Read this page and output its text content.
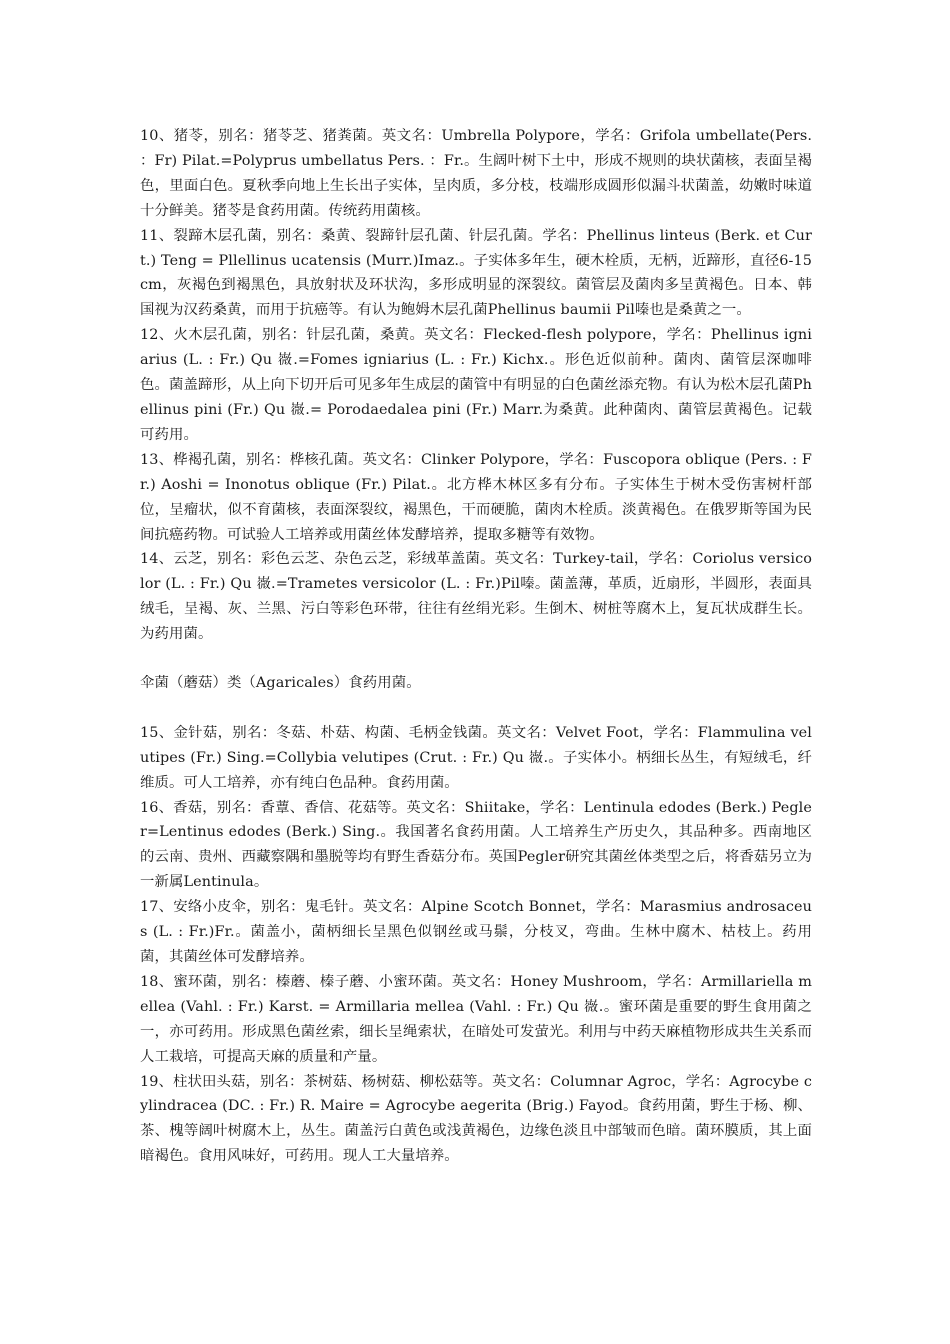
10、猪苓，别名：猪苓芝、猪粪菌。英文名：Umbrella Polypore，学名：Grifola umbellate(Pers. ：Fr) Pilat.=Polyprus umbellatus Pers. ：Fr.。生阔叶树下土中，形成不规则的块状菌核，表面呈褐色，里面白色。夏秋季向地上生长出子实体，呈肉质，多分枝，枝端形成圆形似漏斗状菌盖，幼嫩时味道十分鲜美。猪苓是食药用菌。传统药用菌核。

11、裂蹄木层孔菌，别名：桑黄、裂蹄针层孔菌、针层孔菌。学名：Phellinus linteus (Berk. et Curt.) Teng = Pllellinus ucatensis (Murr.)Imaz.。子实体多年生，硬木栓质，无柄，近蹄形，直径6-15cm，灰褐色到褐黑色，具放射状及环状沟，多形成明显的深裂纹。菌管层及菌肉多呈黄褐色。日本、韩国视为汉药桑黄，而用于抗癌等。有认为鲍姆木层孔菌Phellinus baumii Pil嗪也是桑黄之一。

12、火木层孔菌，别名：针层孔菌，桑黄。英文名：Flecked-flesh polypore，学名：Phellinus igniarius (L. : Fr.) Qu 嶶.=Fomes igniarius (L. : Fr.) Kichx.。形色近似前种。菌肉、菌管层深咖啡色。菌盖蹄形，从上向下切开后可见多年生成层的菌管中有明显的白色菌丝添充物。有认为松木层孔菌Phellinus pini (Fr.) Qu 嶶.= Porodaedalea pini (Fr.) Marr.为桑黄。此种菌肉、菌管层黄褐色。记载可药用。

13、桦褐孔菌，别名：桦核孔菌。英文名：Clinker Polypore，学名：Fuscopora oblique (Pers. : Fr.) Aoshi = Inonotus oblique (Fr.) Pilat.。北方桦木林区多有分布。子实体生于树木受伤害树杆部位，呈瘤状，似不育菌核，表面深裂纹，褐黑色，干而硬脆，菌肉木栓质。淡黄褐色。在俄罗斯等国为民间抗癌药物。可试验人工培养或用菌丝体发酵培养，提取多糖等有效物。

14、云芝，别名：彩色云芝、杂色云芝，彩绒革盖菌。英文名：Turkey-tail，学名：Coriolus versicolor (L. : Fr.) Qu 嶶.=Trametes versicolor (L. : Fr.)Pil嗪。菌盖薄，革质，近扇形，半圆形，表面具绒毛，呈褐、灰、兰黑、污白等彩色环带，往往有丝绢光彩。生倒木、树桩等腐木上，复瓦状成群生长。为药用菌。

伞菌（蘑菇）类（Agaricales）食药用菌。

15、金针菇，别名：冬菇、朴菇、构菌、毛柄金钱菌。英文名：Velvet Foot，学名：Flammulina velutipes (Fr.) Sing.=Collybia velutipes (Crut. : Fr.) Qu 嶶.。子实体小。柄细长丛生，有短绒毛，纤维质。可人工培养，亦有纯白色品种。食药用菌。

16、香菇，别名：香蕈、香信、花菇等。英文名：Shiitake，学名：Lentinula edodes (Berk.) Pegler=Lentinus edodes (Berk.) Sing.。我国著名食药用菌。人工培养生产历史久，其品种多。西南地区的云南、贵州、西藏察隅和墨脱等均有野生香菇分布。英国Pegler研究其菌丝体类型之后，将香菇另立为一新属Lentinula。

17、安络小皮伞，别名：鬼毛针。英文名：Alpine Scotch Bonnet，学名：Marasmius androsaceus (L. : Fr.)Fr.。菌盖小，菌柄细长呈黑色似钢丝或马鬃，分枝叉，弯曲。生林中腐木、枯枝上。药用菌，其菌丝体可发酵培养。

18、蜜环菌，别名：榛蘑、榛子蘑、小蜜环菌。英文名：Honey Mushroom，学名：Armillariella mellea (Vahl. : Fr.) Karst. = Armillaria mellea (Vahl. : Fr.) Qu 嶶.。蜜环菌是重要的野生食用菌之一，亦可药用。形成黑色菌丝索，细长呈绳索状，在暗处可发萤光。利用与中药天麻植物形成共生关系而人工栽培，可提高天麻的质量和产量。

19、柱状田头菇，别名：茶树菇、杨树菇、柳松菇等。英文名：Columnar Agroc，学名：Agrocybe cylindracea (DC. : Fr.) R. Maire = Agrocybe aegerita (Brig.) Fayod。食药用菌，野生于杨、柳、茶、槐等阔叶树腐木上，丛生。菌盖污白黄色或浅黄褐色，边缘色淡且中部皱而色暗。菌环膜质，其上面暗褐色。食用风味好，可药用。现人工大量培养。
